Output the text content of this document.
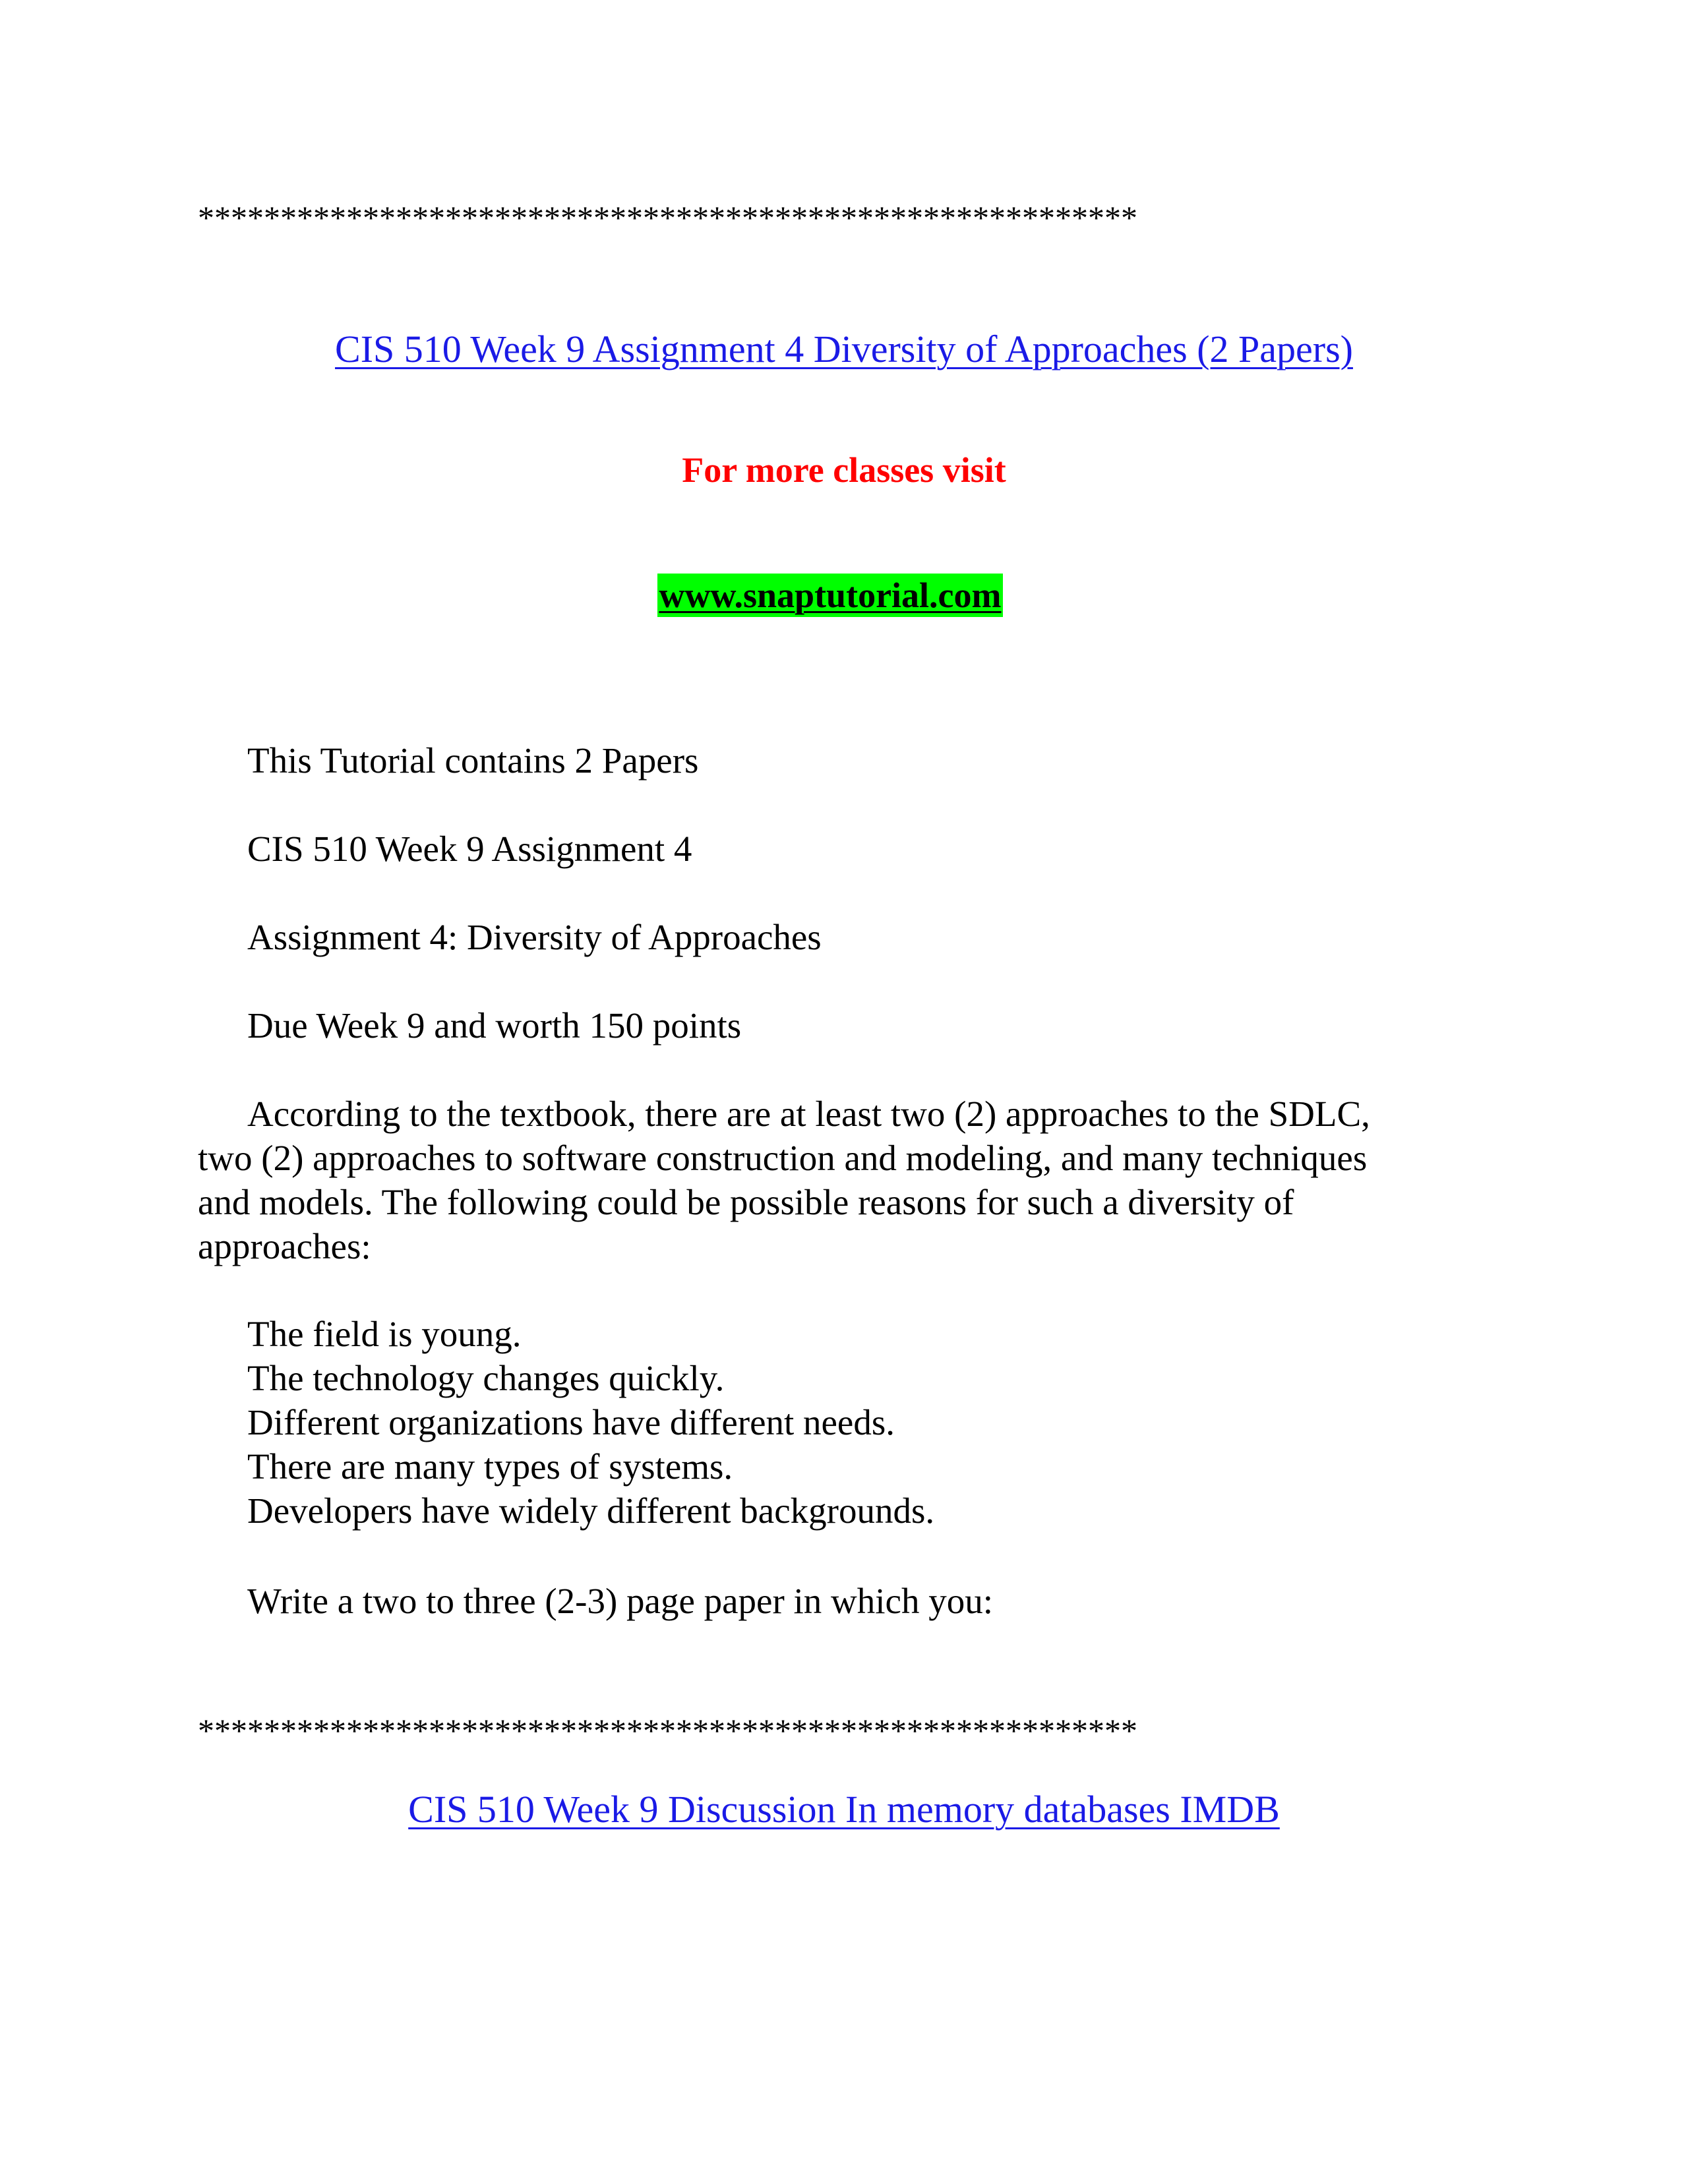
*********************************************************
CIS 510 Week 9 Assignment 4 Diversity of Approaches (2 Papers)
For more classes visit
www.snaptutorial.com
This Tutorial contains 2 Papers
CIS 510 Week 9 Assignment 4
Assignment 4: Diversity of Approaches
Due Week 9 and worth 150 points
According to the textbook, there are at least two (2) approaches to the SDLC,
two (2) approaches to software construction and modeling, and many techniques
and models. The following could be possible reasons for such a diversity of
approaches:
The field is young.
The technology changes quickly.
Different organizations have different needs.
There are many types of systems.
Developers have widely different backgrounds.
Write a two to three (2-3) page paper in which you:
*********************************************************
CIS 510 Week 9 Discussion In memory databases IMDB
